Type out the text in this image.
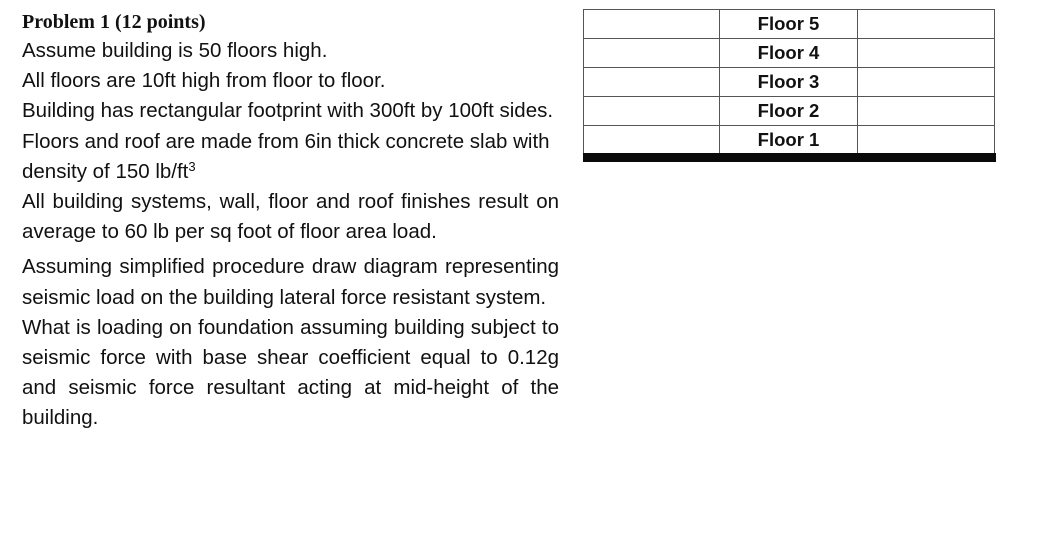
Problem 1 (12 points)

Assume building is 50 floors high.

All floors are 10ft high from floor to floor.

Building has rectangular footprint with 300ft by 100ft sides.

Floors and roof are made from 6in thick concrete slab with density of 150 $lb/ft^3$

All building systems, wall, floor and roof finishes result on average to 60 lb per sq foot of floor area load.

Assuming simplified procedure draw diagram representing seismic load on the building lateral force resistant system.

What is loading on foundation assuming building subject to seismic force with base shear coefficient equal to 0.12g and seismic force resultant acting at mid-height of the building.

	Floor 5	
	Floor 4	
	Floor 3	
	Floor 2	
	Floor 1	
